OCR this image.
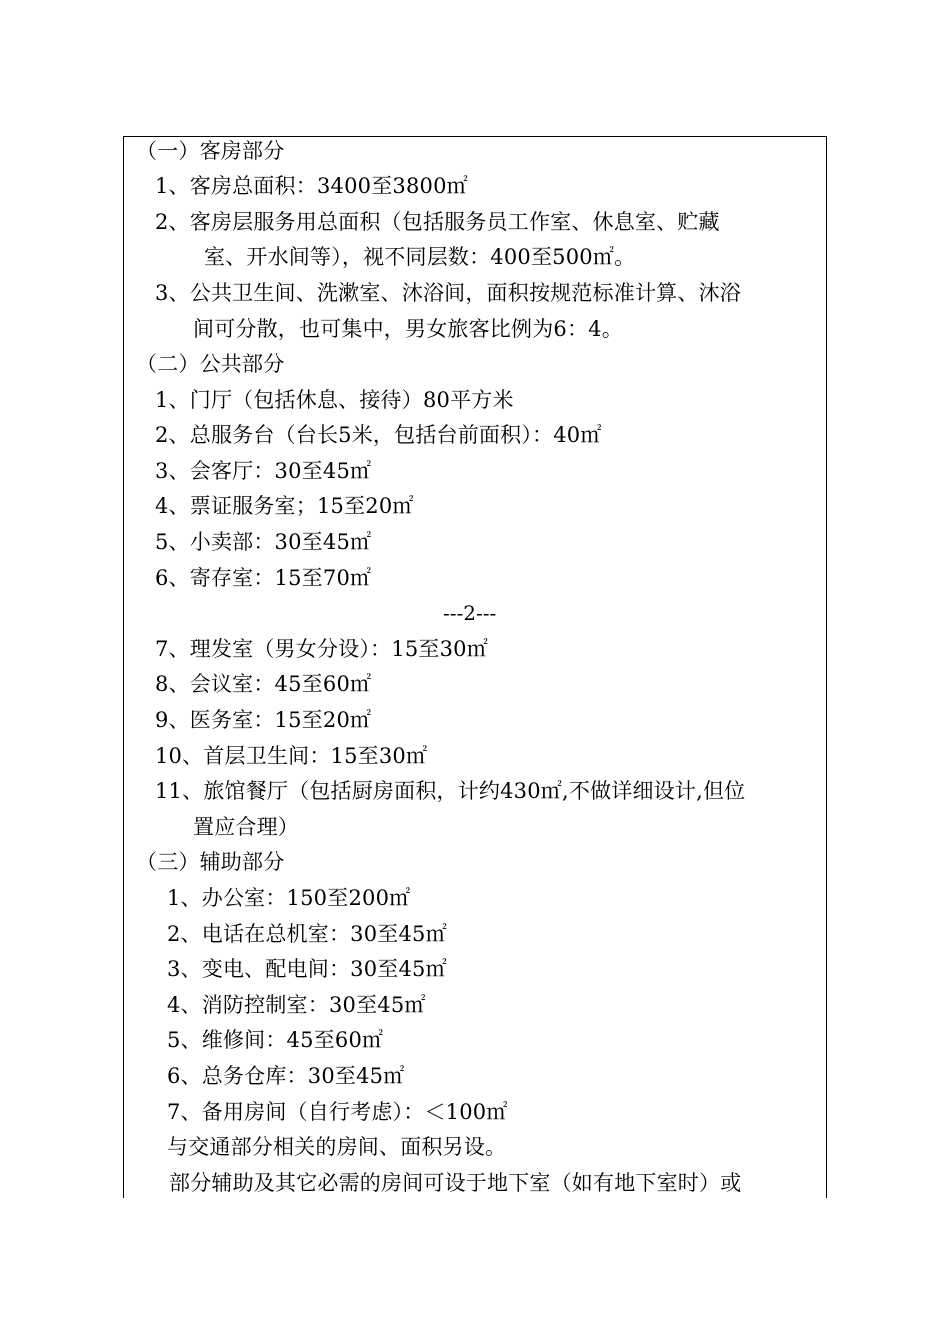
（一）客房部分
1、客房总面积：3400至3800㎡
2、客房层服务用总面积（包括服务员工作室、休息室、贮藏
室、开水间等），视不同层数：400至500㎡。
3、公共卫生间、洗漱室、沐浴间，面积按规范标准计算、沐浴
间可分散，也可集中，男女旅客比例为6：4。
（二）公共部分
1、门厅（包括休息、接待）80平方米
2、总服务台（台长5米，包括台前面积）：40㎡
3、会客厅：30至45㎡
4、票证服务室；15至20㎡
5、小卖部：30至45㎡
6、寄存室：15至70㎡
---2---
7、理发室（男女分设）：15至30㎡
8、会议室：45至60㎡
9、医务室：15至20㎡
10、首层卫生间：15至30㎡
11、旅馆餐厅（包括厨房面积，计约430㎡,不做详细设计,但位
置应合理）
（三）辅助部分
1、办公室：150至200㎡
2、电话在总机室：30至45㎡
3、变电、配电间：30至45㎡
4、消防控制室：30至45㎡
5、维修间：45至60㎡
6、总务仓库：30至45㎡
7、备用房间（自行考虑）：＜100㎡
与交通部分相关的房间、面积另设。
部分辅助及其它必需的房间可设于地下室（如有地下室时）或
